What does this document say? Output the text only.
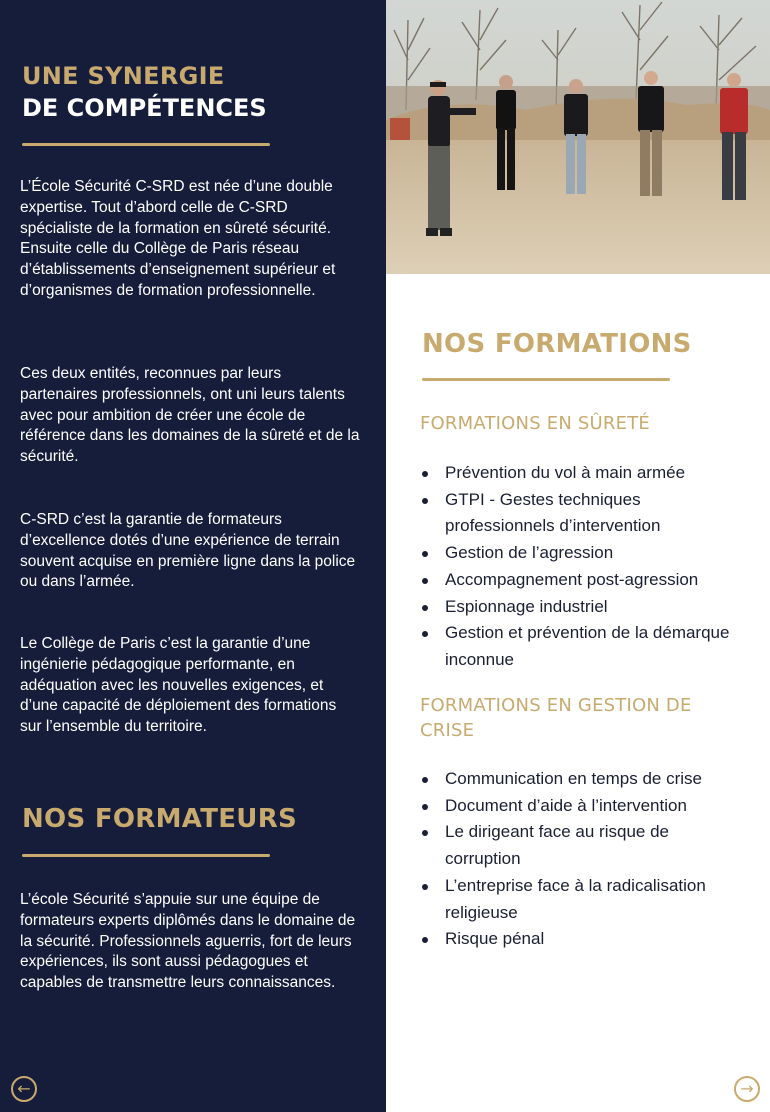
UNE SYNERGIE
DE COMPÉTENCES

L’École Sécurité C-SRD est née d’une double expertise. Tout d’abord celle de C-SRD spécialiste de la formation en sûreté sécurité. Ensuite celle du Collège de Paris réseau d’établissements d’enseignement supérieur et d’organismes de formation professionnelle.

Ces deux entités, reconnues par leurs partenaires professionnels, ont uni leurs talents avec pour ambition de créer une école de référence dans les domaines de la sûreté et de la sécurité.

C-SRD c’est la garantie de formateurs d’excellence dotés d’une expérience de terrain souvent acquise en première ligne dans la police ou dans l’armée.

Le Collège de Paris c’est la garantie d’une ingénierie pédagogique performante, en adéquation avec les nouvelles exigences, et d’une capacité de déploiement des formations sur l’ensemble du territoire.

NOS FORMATEURS

L’école Sécurité s’appuie sur une équipe de formateurs experts diplômés dans le domaine de la sécurité. Professionnels aguerris, fort de leurs expériences, ils sont aussi pédagogues et capables de transmettre leurs connaissances.

←
NOS FORMATIONS
FORMATIONS EN SÛRETÉ
Prévention du vol à main armée
GTPI - Gestes techniques professionnels d’intervention
Gestion de l’agression
Accompagnement post-agression
Espionnage industriel
Gestion et prévention de la démarque inconnue
FORMATIONS EN GESTION DE CRISE
Communication en temps de crise
Document d’aide à l’intervention
Le dirigeant face au risque de corruption
L’entreprise face à la radicalisation religieuse
Risque pénal
→
